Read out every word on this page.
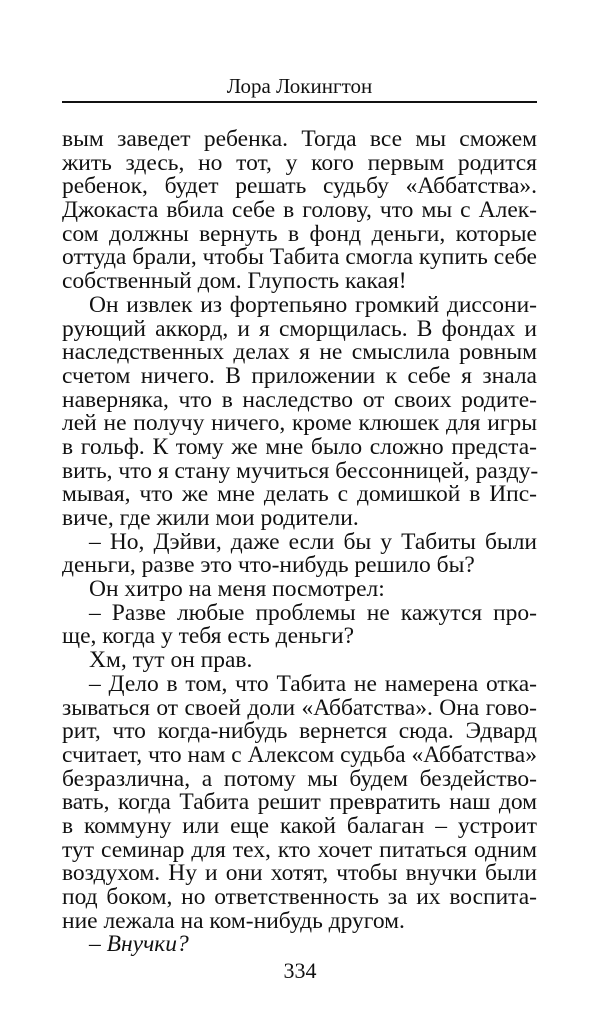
Лора Локингтон
вым заведет ребенка. Тогда все мы сможем
жить здесь, но тот, у кого первым родится
ребенок, будет решать судьбу «Аббатства».
Джокаста вбила себе в голову, что мы с Алек-
сом должны вернуть в фонд деньги, которые
оттуда брали, чтобы Табита смогла купить себе
собственный дом. Глупость какая!
Он извлек из фортепьяно громкий диссони-
рующий аккорд, и я сморщилась. В фондах и
наследственных делах я не смыслила ровным
счетом ничего. В приложении к себе я знала
наверняка, что в наследство от своих родите-
лей не получу ничего, кроме клюшек для игры
в гольф. К тому же мне было сложно предста-
вить, что я стану мучиться бессонницей, разду-
мывая, что же мне делать с домишкой в Ипс-
виче, где жили мои родители.
– Но, Дэйви, даже если бы у Табиты были
деньги, разве это что-нибудь решило бы?
Он хитро на меня посмотрел:
– Разве любые проблемы не кажутся про-
ще, когда у тебя есть деньги?
Хм, тут он прав.
– Дело в том, что Табита не намерена отка-
зываться от своей доли «Аббатства». Она гово-
рит, что когда-нибудь вернется сюда. Эдвард
считает, что нам с Алексом судьба «Аббатства»
безразлична, а потому мы будем бездейство-
вать, когда Табита решит превратить наш дом
в коммуну или еще какой балаган – устроит
тут семинар для тех, кто хочет питаться одним
воздухом. Ну и они хотят, чтобы внучки были
под боком, но ответственность за их воспита-
ние лежала на ком-нибудь другом.
– Внучки?
334
